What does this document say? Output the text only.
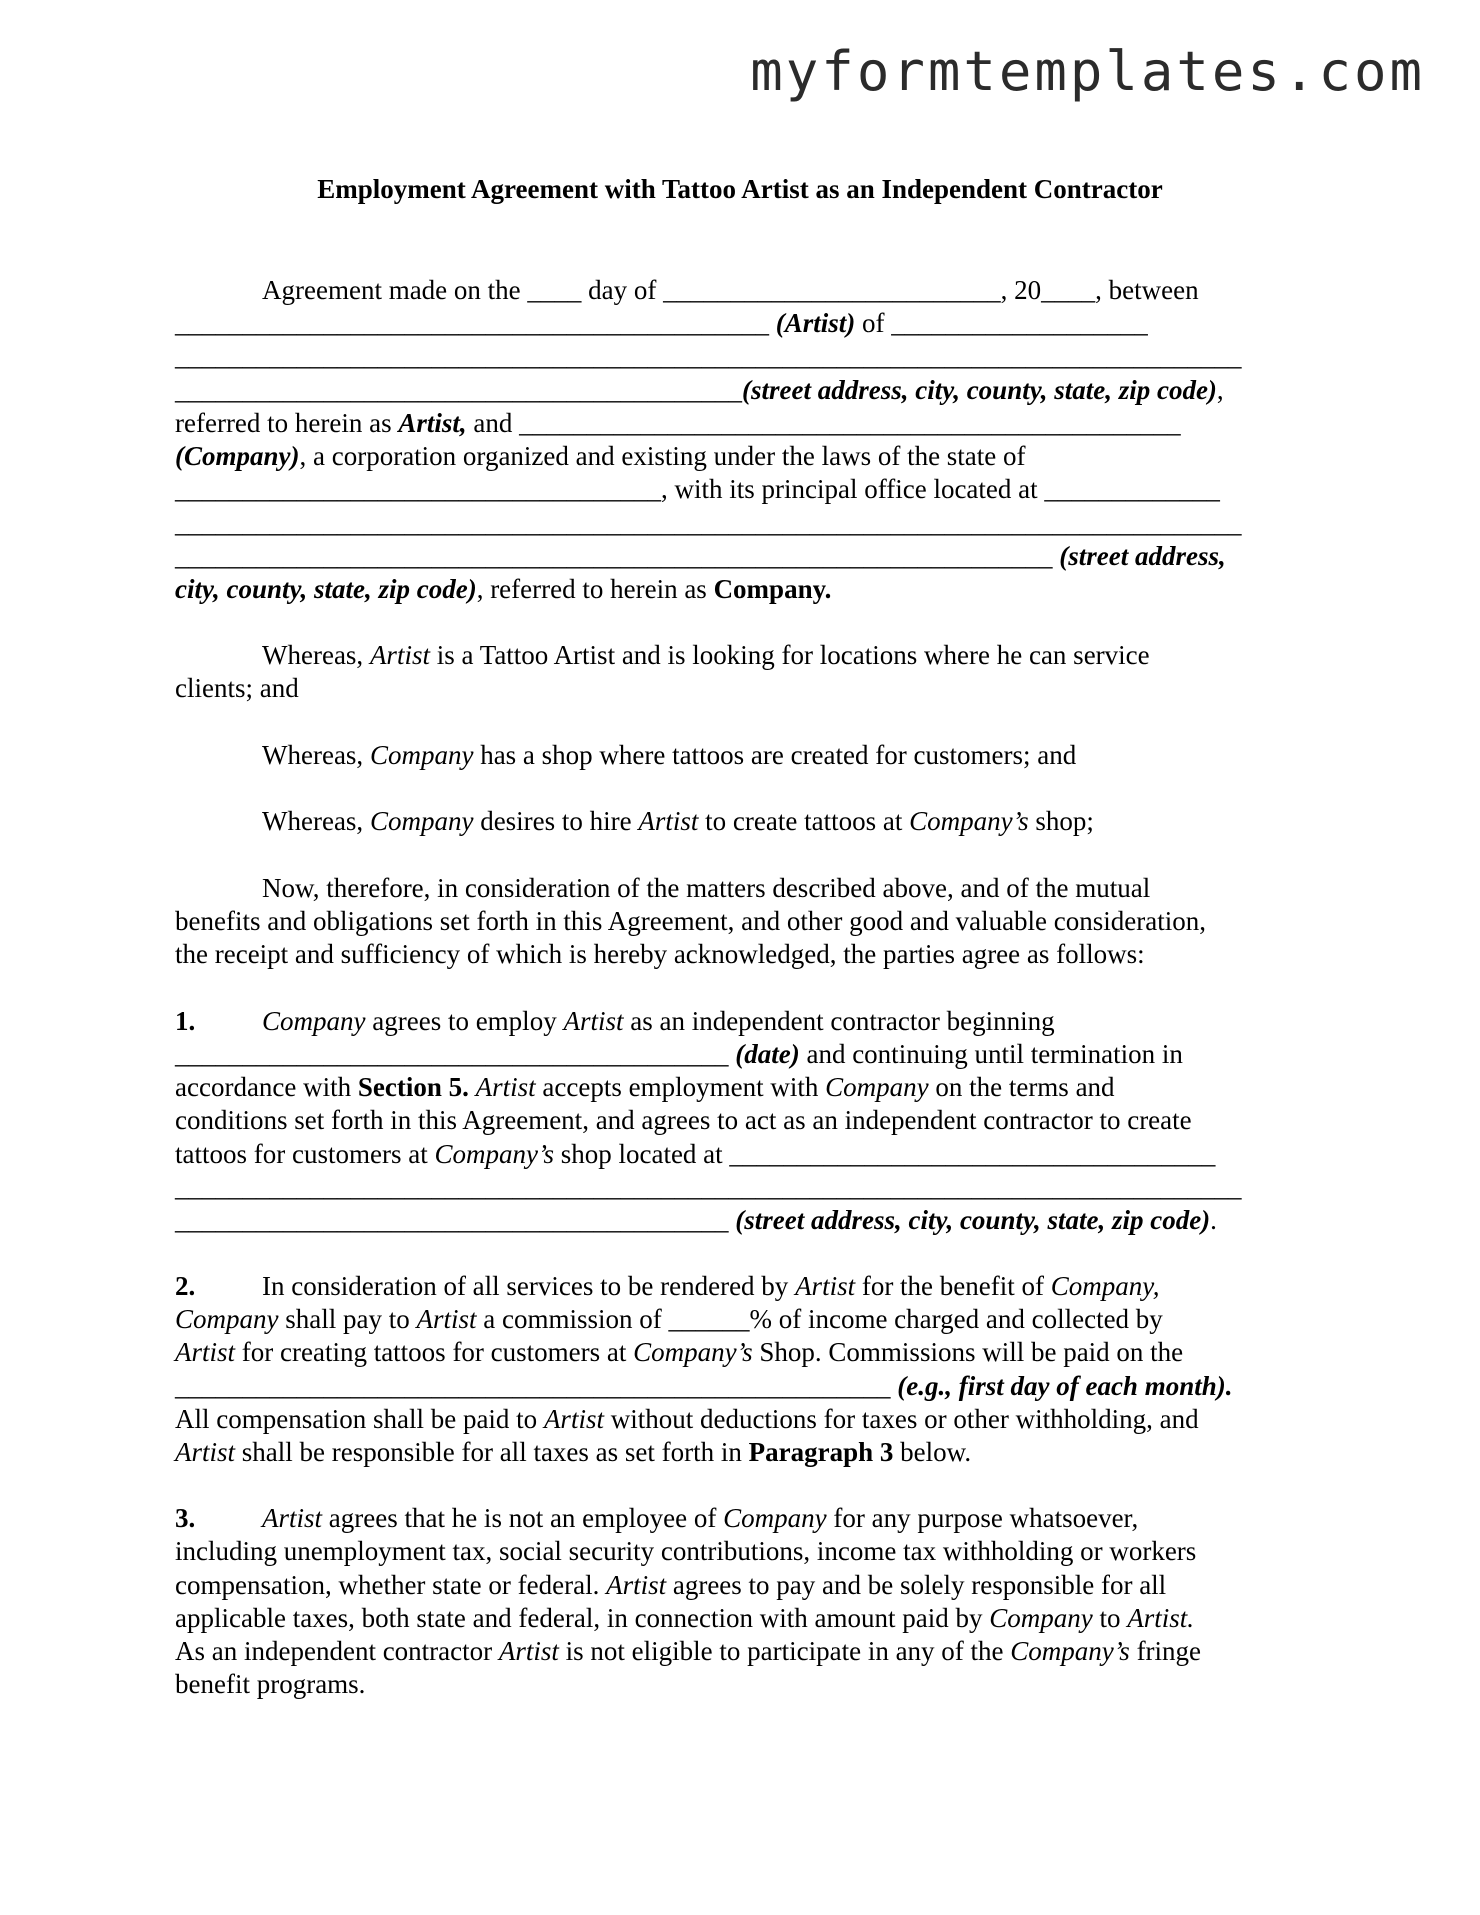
myformtemplates.com
Employment Agreement with Tattoo Artist as an Independent Contractor
Agreement made on the ____ day of _________________________, 20____, between
____________________________________________ (Artist) of ___________________
_______________________________________________________________________________
__________________________________________(street address, city, county, state, zip code),
referred to herein as Artist, and _________________________________________________
(Company), a corporation organized and existing under the laws of the state of
____________________________________, with its principal office located at _____________
_______________________________________________________________________________
_________________________________________________________________ (street address,
city, county, state, zip code), referred to herein as Company.
Whereas, Artist is a Tattoo Artist and is looking for locations where he can service
clients; and
Whereas, Company has a shop where tattoos are created for customers; and
Whereas, Company desires to hire Artist to create tattoos at Company’s shop;
Now, therefore, in consideration of the matters described above, and of the mutual
benefits and obligations set forth in this Agreement, and other good and valuable consideration,
the receipt and sufficiency of which is hereby acknowledged, the parties agree as follows:
1. Company agrees to employ Artist as an independent contractor beginning
_________________________________________ (date) and continuing until termination in
accordance with Section 5. Artist accepts employment with Company on the terms and
conditions set forth in this Agreement, and agrees to act as an independent contractor to create
tattoos for customers at Company’s shop located at ____________________________________
_______________________________________________________________________________
_________________________________________ (street address, city, county, state, zip code).
2. In consideration of all services to be rendered by Artist for the benefit of Company,
Company shall pay to Artist a commission of ______% of income charged and collected by
Artist for creating tattoos for customers at Company’s Shop. Commissions will be paid on the
_____________________________________________________ (e.g., first day of each month).
All compensation shall be paid to Artist without deductions for taxes or other withholding, and
Artist shall be responsible for all taxes as set forth in Paragraph 3 below.
3. Artist agrees that he is not an employee of Company for any purpose whatsoever,
including unemployment tax, social security contributions, income tax withholding or workers
compensation, whether state or federal. Artist agrees to pay and be solely responsible for all
applicable taxes, both state and federal, in connection with amount paid by Company to Artist.
As an independent contractor Artist is not eligible to participate in any of the Company’s fringe
benefit programs.
